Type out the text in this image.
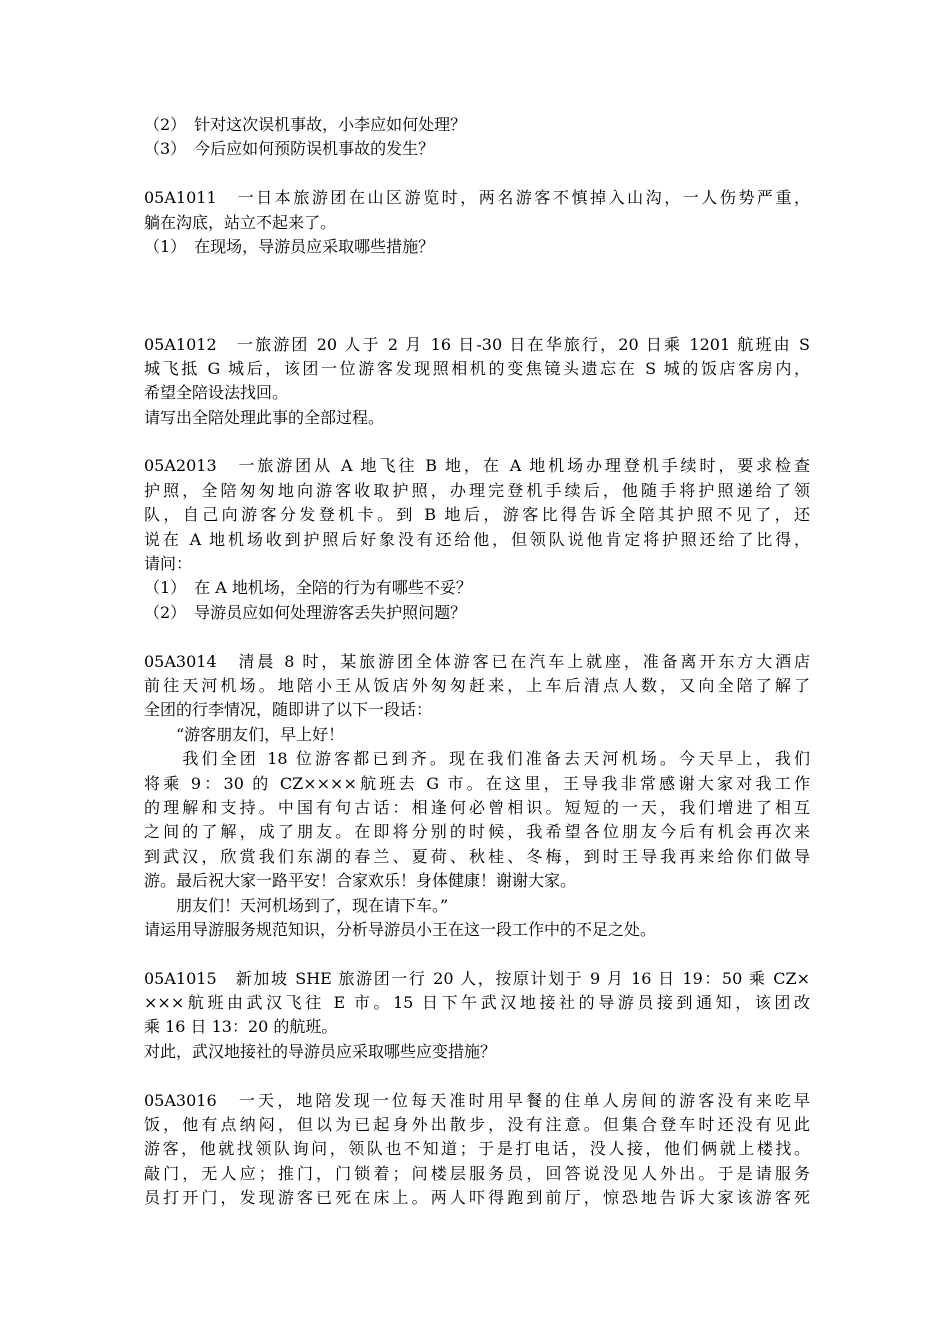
（2）　针对这次误机事故，小李应如何处理？
（3）　今后应如何预防误机事故的发生？
05A1011　一日本旅游团在山区游览时，两名游客不慎掉入山沟，一人伤势严重，
躺在沟底，站立不起来了。
（1）　在现场，导游员应采取哪些措施？
05A1012　一旅游团 20 人于 2 月 16 日-30 日在华旅行，20 日乘 1201 航班由 S
城飞抵 G 城后，该团一位游客发现照相机的变焦镜头遗忘在 S 城的饭店客房内，
希望全陪设法找回。
请写出全陪处理此事的全部过程。
05A2013　一旅游团从 A 地飞往 B 地，在 A 地机场办理登机手续时，要求检查
护照，全陪匆匆地向游客收取护照，办理完登机手续后，他随手将护照递给了领
队，自己向游客分发登机卡。到 B 地后，游客比得告诉全陪其护照不见了，还
说在 A 地机场收到护照后好象没有还给他，但领队说他肯定将护照还给了比得，
请问：
（1）　在 A 地机场，全陪的行为有哪些不妥？
（2）　导游员应如何处理游客丢失护照问题？
05A3014　清晨 8 时，某旅游团全体游客已在汽车上就座，准备离开东方大酒店
前往天河机场。地陪小王从饭店外匆匆赶来，上车后清点人数，又向全陪了解了
全团的行李情况，随即讲了以下一段话：
　　“游客朋友们，早上好！
　　我们全团 18 位游客都已到齐。现在我们准备去天河机场。今天早上，我们
将乘 9：30 的 CZ××××航班去 G 市。在这里，王导我非常感谢大家对我工作
的理解和支持。中国有句古话：相逢何必曾相识。短短的一天，我们增进了相互
之间的了解，成了朋友。在即将分别的时候，我希望各位朋友今后有机会再次来
到武汉，欣赏我们东湖的春兰、夏荷、秋桂、冬梅，到时王导我再来给你们做导
游。最后祝大家一路平安！合家欢乐！身体健康！谢谢大家。
　　朋友们！天河机场到了，现在请下车。”
请运用导游服务规范知识，分析导游员小王在这一段工作中的不足之处。
05A1015　新加坡 SHE 旅游团一行 20 人，按原计划于 9 月 16 日 19：50 乘 CZ×
×××航班由武汉飞往 E 市。15 日下午武汉地接社的导游员接到通知，该团改
乘 16 日 13：20 的航班。
对此，武汉地接社的导游员应采取哪些应变措施？
05A3016　一天，地陪发现一位每天准时用早餐的住单人房间的游客没有来吃早
饭，他有点纳闷，但以为已起身外出散步，没有注意。但集合登车时还没有见此
游客，他就找领队询问，领队也不知道；于是打电话，没人接，他们俩就上楼找。
敲门，无人应；推门，门锁着；问楼层服务员，回答说没见人外出。于是请服务
员打开门，发现游客已死在床上。两人吓得跑到前厅，惊恐地告诉大家该游客死
